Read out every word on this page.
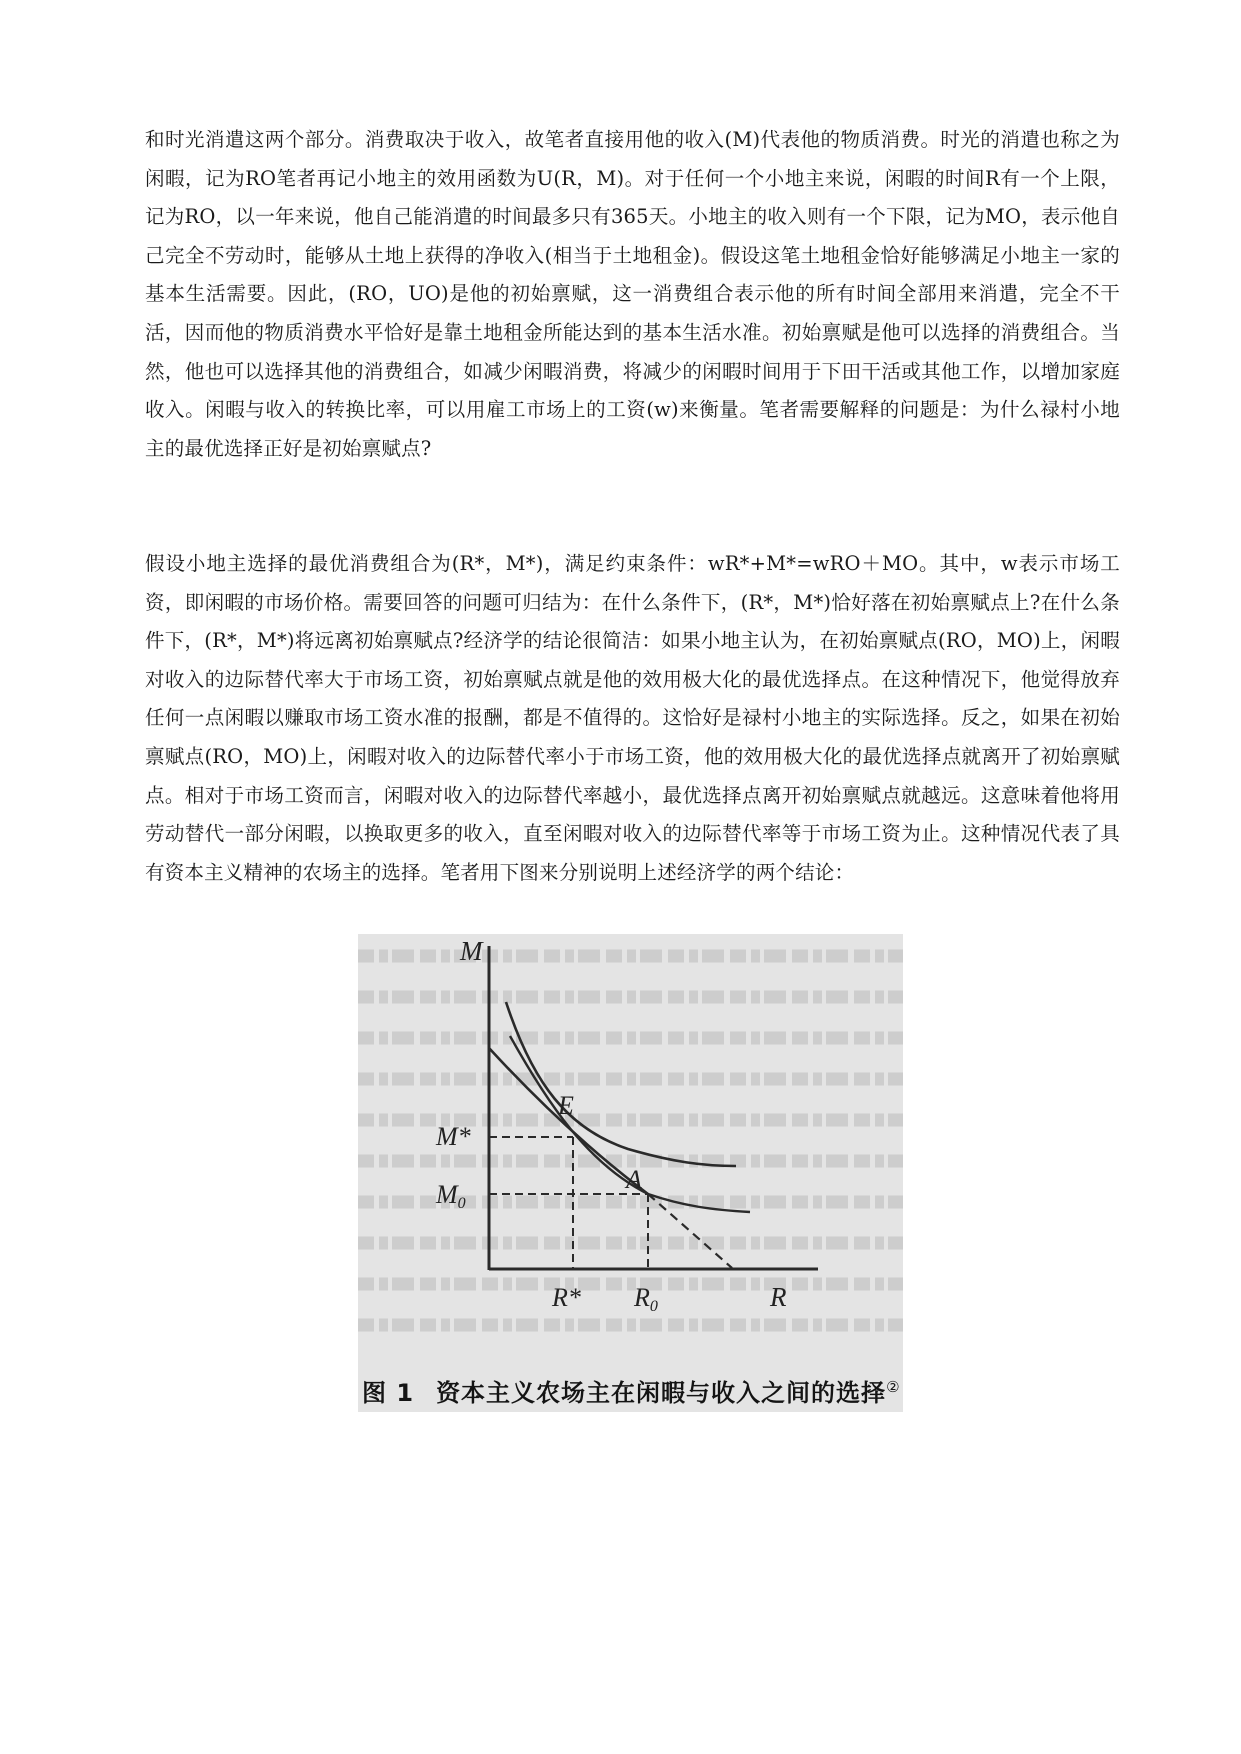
和时光消遣这两个部分。消费取决于收入，故笔者直接用他的收入(M)代表他的物质消费。时光的消遣也称之为闲暇，记为RO笔者再记小地主的效用函数为U(R，M)。对于任何一个小地主来说，闲暇的时间R有一个上限，记为RO，以一年来说，他自己能消遣的时间最多只有365天。小地主的收入则有一个下限，记为MO，表示他自己完全不劳动时，能够从土地上获得的净收入(相当于土地租金)。假设这笔土地租金恰好能够满足小地主一家的基本生活需要。因此，(RO，UO)是他的初始禀赋，这一消费组合表示他的所有时间全部用来消遣，完全不干活，因而他的物质消费水平恰好是靠土地租金所能达到的基本生活水准。初始禀赋是他可以选择的消费组合。当然，他也可以选择其他的消费组合，如减少闲暇消费，将减少的闲暇时间用于下田干活或其他工作，以增加家庭收入。闲暇与收入的转换比率，可以用雇工市场上的工资(w)来衡量。笔者需要解释的问题是：为什么禄村小地主的最优选择正好是初始禀赋点?

假设小地主选择的最优消费组合为(R*，M*)，满足约束条件：wR*+M*=wRO＋MO。其中，w表示市场工资，即闲暇的市场价格。需要回答的问题可归结为：在什么条件下，(R*，M*)恰好落在初始禀赋点上?在什么条件下，(R*，M*)将远离初始禀赋点?经济学的结论很简洁：如果小地主认为，在初始禀赋点(RO，MO)上，闲暇对收入的边际替代率大于市场工资，初始禀赋点就是他的效用极大化的最优选择点。在这种情况下，他觉得放弃任何一点闲暇以赚取市场工资水准的报酬，都是不值得的。这恰好是禄村小地主的实际选择。反之，如果在初始禀赋点(RO，MO)上，闲暇对收入的边际替代率小于市场工资，他的效用极大化的最优选择点就离开了初始禀赋点。相对于市场工资而言，闲暇对收入的边际替代率越小，最优选择点离开初始禀赋点就越远。这意味着他将用劳动替代一部分闲暇，以换取更多的收入，直至闲暇对收入的边际替代率等于市场工资为止。这种情况代表了具有资本主义精神的农场主的选择。笔者用下图来分别说明上述经济学的两个结论：

M
M*
M0
E
A
R* R0	R
图 1 资本主义农场主在闲暇与收入之间的选择②
